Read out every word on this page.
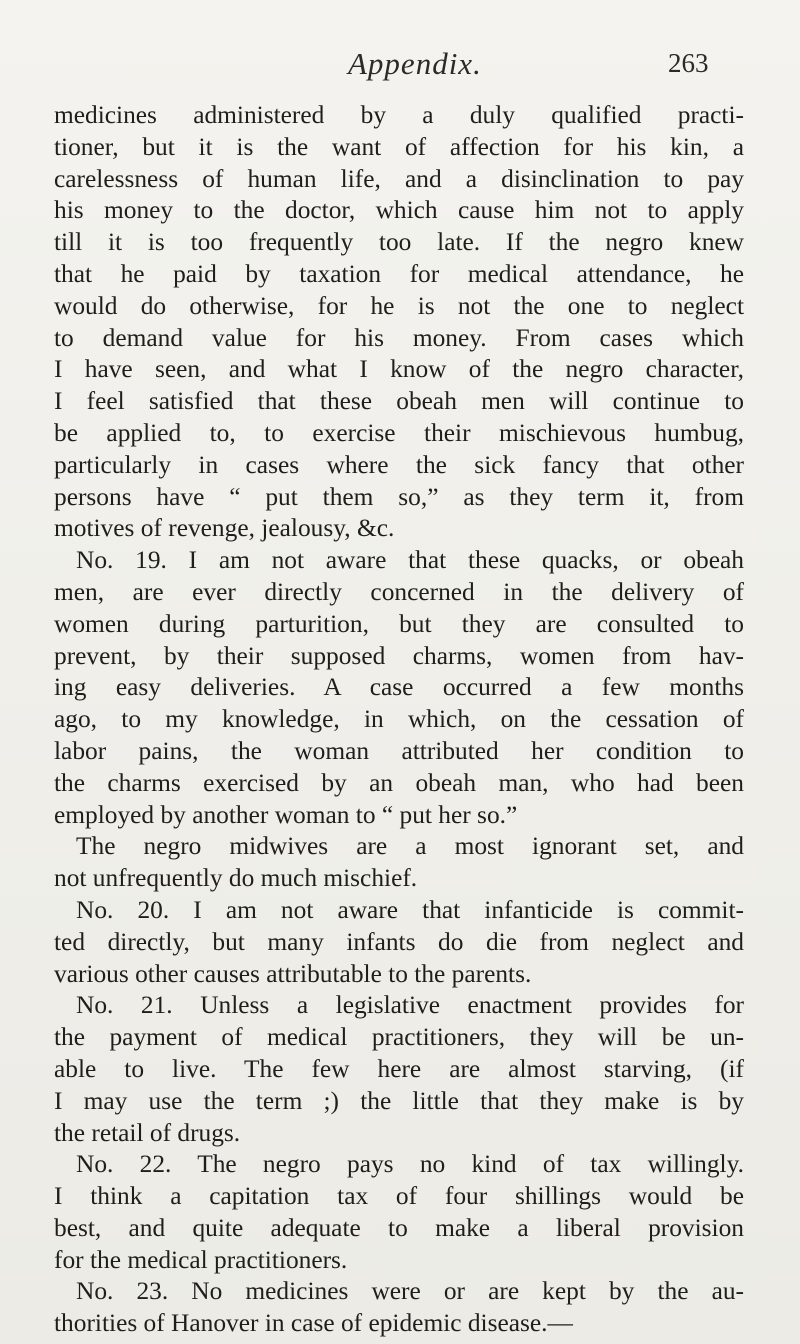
Appendix.	263
medicines administered by a duly qualified practi-
tioner, but it is the want of affection for his kin, a
carelessness of human life, and a disinclination to pay
his money to the doctor, which cause him not to apply
till it is too frequently too late. If the negro knew
that he paid by taxation for medical attendance, he
would do otherwise, for he is not the one to neglect
to demand value for his money. From cases which
I have seen, and what I know of the negro character,
I feel satisfied that these obeah men will continue to
be applied to, to exercise their mischievous humbug,
particularly in cases where the sick fancy that other
persons have “ put them so,” as they term it, from
motives of revenge, jealousy, &c.
No. 19. I am not aware that these quacks, or obeah
men, are ever directly concerned in the delivery of
women during parturition, but they are consulted to
prevent, by their supposed charms, women from hav-
ing easy deliveries. A case occurred a few months
ago, to my knowledge, in which, on the cessation of
labor pains, the woman attributed her condition to
the charms exercised by an obeah man, who had been
employed by another woman to “ put her so.”
The negro midwives are a most ignorant set, and
not unfrequently do much mischief.
No. 20. I am not aware that infanticide is commit-
ted directly, but many infants do die from neglect and
various other causes attributable to the parents.
No. 21. Unless a legislative enactment provides for
the payment of medical practitioners, they will be un-
able to live. The few here are almost starving, (if
I may use the term ;) the little that they make is by
the retail of drugs.
No. 22. The negro pays no kind of tax willingly.
I think a capitation tax of four shillings would be
best, and quite adequate to make a liberal provision
for the medical practitioners.
No. 23. No medicines were or are kept by the au-
thorities of Hanover in case of epidemic disease.—
